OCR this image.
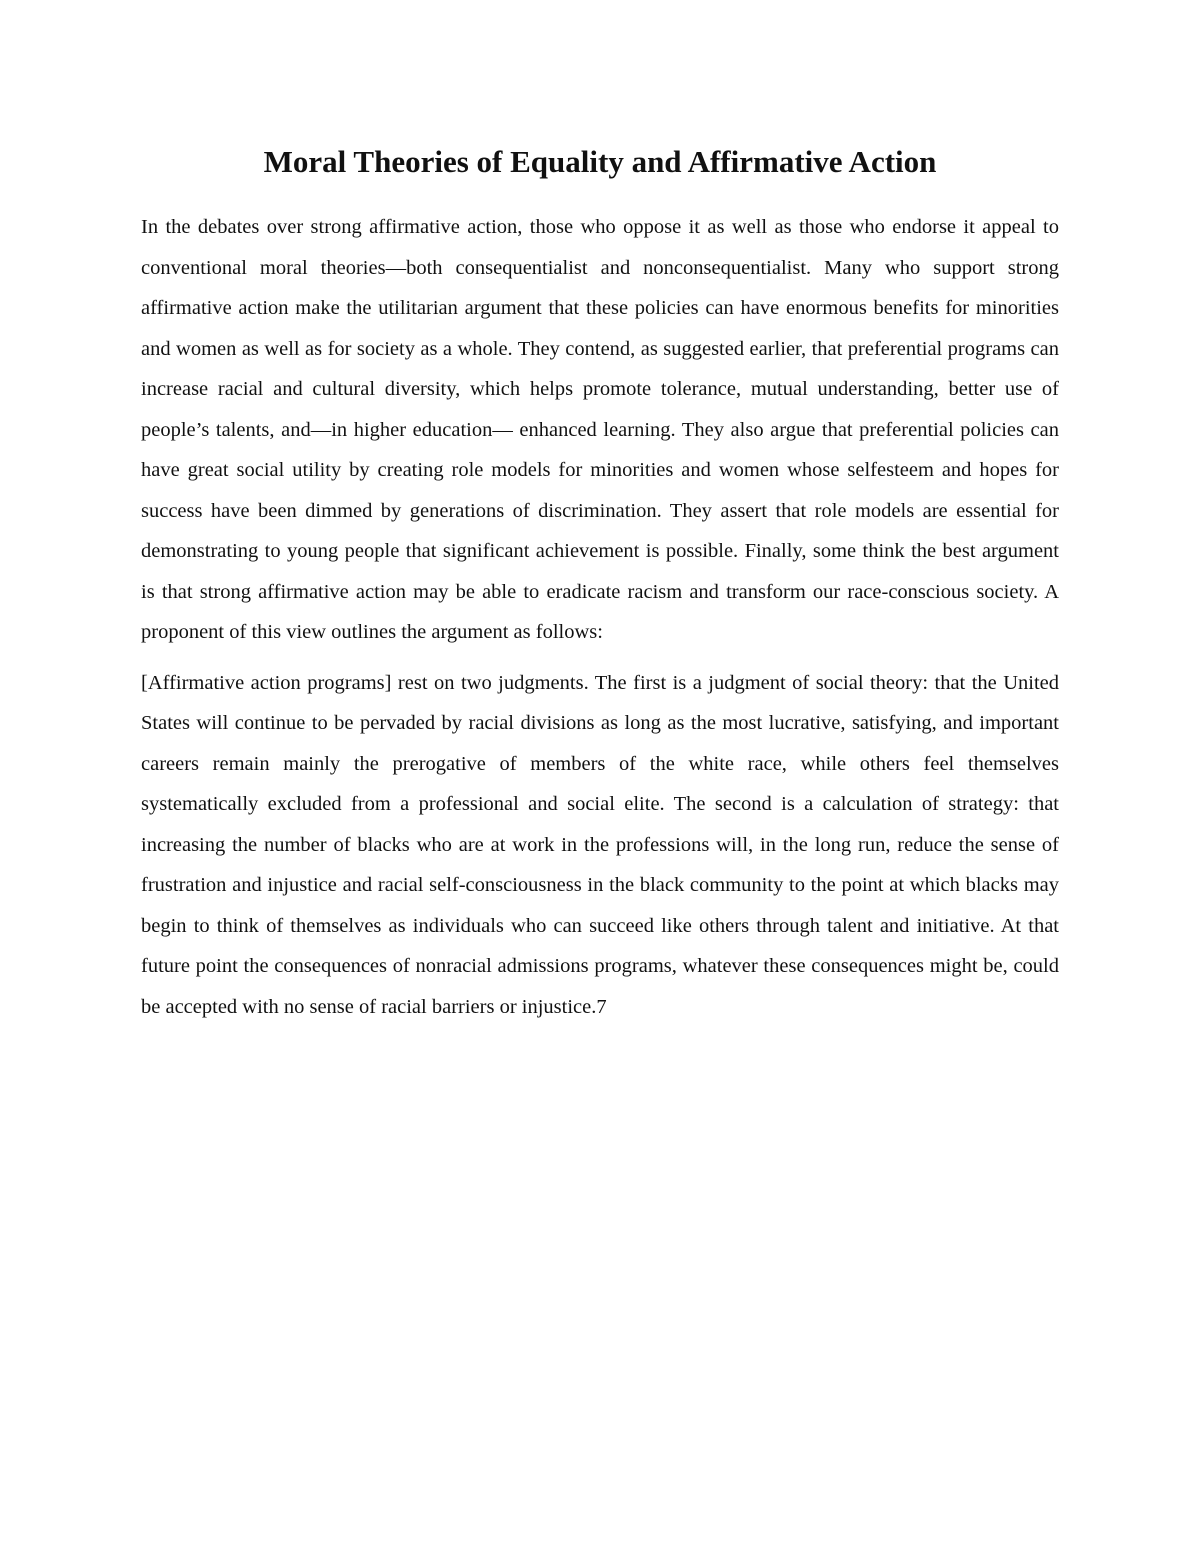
Moral Theories of Equality and Affirmative Action

In the debates over strong affirmative action, those who oppose it as well as those who endorse it appeal to conventional moral theories—both consequentialist and nonconsequentialist. Many who support strong affirmative action make the utilitarian argument that these policies can have enormous benefits for minorities and women as well as for society as a whole. They contend, as suggested earlier, that preferential programs can increase racial and cultural diversity, which helps promote tolerance, mutual understanding, better use of people’s talents, and—in higher education— enhanced learning. They also argue that preferential policies can have great social utility by creating role models for minorities and women whose selfesteem and hopes for success have been dimmed by generations of discrimination. They assert that role models are essential for demonstrating to young people that significant achievement is possible. Finally, some think the best argument is that strong affirmative action may be able to eradicate racism and transform our race-conscious society. A proponent of this view outlines the argument as follows:

[Affirmative action programs] rest on two judgments. The first is a judgment of social theory: that the United States will continue to be pervaded by racial divisions as long as the most lucrative, satisfying, and important careers remain mainly the prerogative of members of the white race, while others feel themselves systematically excluded from a professional and social elite. The second is a calculation of strategy: that increasing the number of blacks who are at work in the professions will, in the long run, reduce the sense of frustration and injustice and racial self-consciousness in the black community to the point at which blacks may begin to think of themselves as individuals who can succeed like others through talent and initiative. At that future point the consequences of nonracial admissions programs, whatever these consequences might be, could be accepted with no sense of racial barriers or injustice.7
